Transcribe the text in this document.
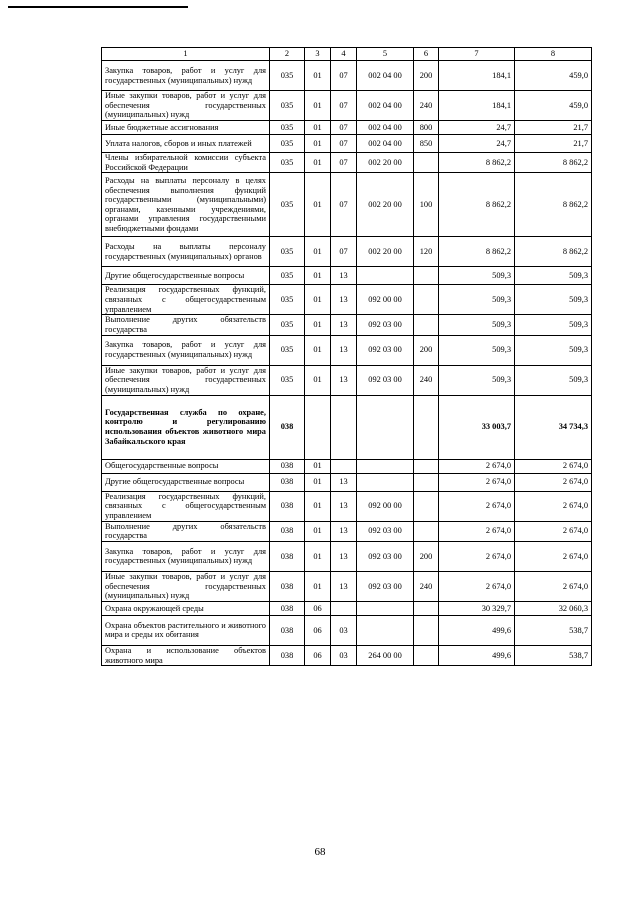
1	2	3	4	5	6	7	8
Закупка товаров, работ и услуг для государственных (муниципальных) нужд	035	01	07	002 04 00	200	184,1	459,0
Иные закупки товаров, работ и услуг для обеспечения государственных (муниципальных) нужд	035	01	07	002 04 00	240	184,1	459,0
Иные бюджетные ассигнования	035	01	07	002 04 00	800	24,7	21,7
Уплата налогов, сборов и иных платежей	035	01	07	002 04 00	850	24,7	21,7
Члены избирательной комиссии субъекта Российской Федерации	035	01	07	002 20 00		8 862,2	8 862,2
Расходы на выплаты персоналу в целях обеспечения выполнения функций государственными (муниципальными) органами, казенными учреждениями, органами управления государственными внебюджетными фондами	035	01	07	002 20 00	100	8 862,2	8 862,2
Расходы на выплаты персоналу государственных (муниципальных) органов	035	01	07	002 20 00	120	8 862,2	8 862,2
Другие общегосударственные вопросы	035	01	13			509,3	509,3
Реализация государственных функций, связанных с общегосударственным управлением	035	01	13	092 00 00		509,3	509,3
Выполнение других обязательств государства	035	01	13	092 03 00		509,3	509,3
Закупка товаров, работ и услуг для государственных (муниципальных) нужд	035	01	13	092 03 00	200	509,3	509,3
Иные закупки товаров, работ и услуг для обеспечения государственных (муниципальных) нужд	035	01	13	092 03 00	240	509,3	509,3
Государственная служба по охране, контролю и регулированию использования объектов животного мира Забайкальского края	038					33 003,7	34 734,3
Общегосударственные вопросы	038	01				2 674,0	2 674,0
Другие общегосударственные вопросы	038	01	13			2 674,0	2 674,0
Реализация государственных функций, связанных с общегосударственным управлением	038	01	13	092 00 00		2 674,0	2 674,0
Выполнение других обязательств государства	038	01	13	092 03 00		2 674,0	2 674,0
Закупка товаров, работ и услуг для государственных (муниципальных) нужд	038	01	13	092 03 00	200	2 674,0	2 674,0
Иные закупки товаров, работ и услуг для обеспечения государственных (муниципальных) нужд	038	01	13	092 03 00	240	2 674,0	2 674,0
Охрана окружающей среды	038	06				30 329,7	32 060,3
Охрана объектов растительного и животного мира и среды их обитания	038	06	03			499,6	538,7
Охрана и использование объектов животного мира	038	06	03	264 00 00		499,6	538,7
68
